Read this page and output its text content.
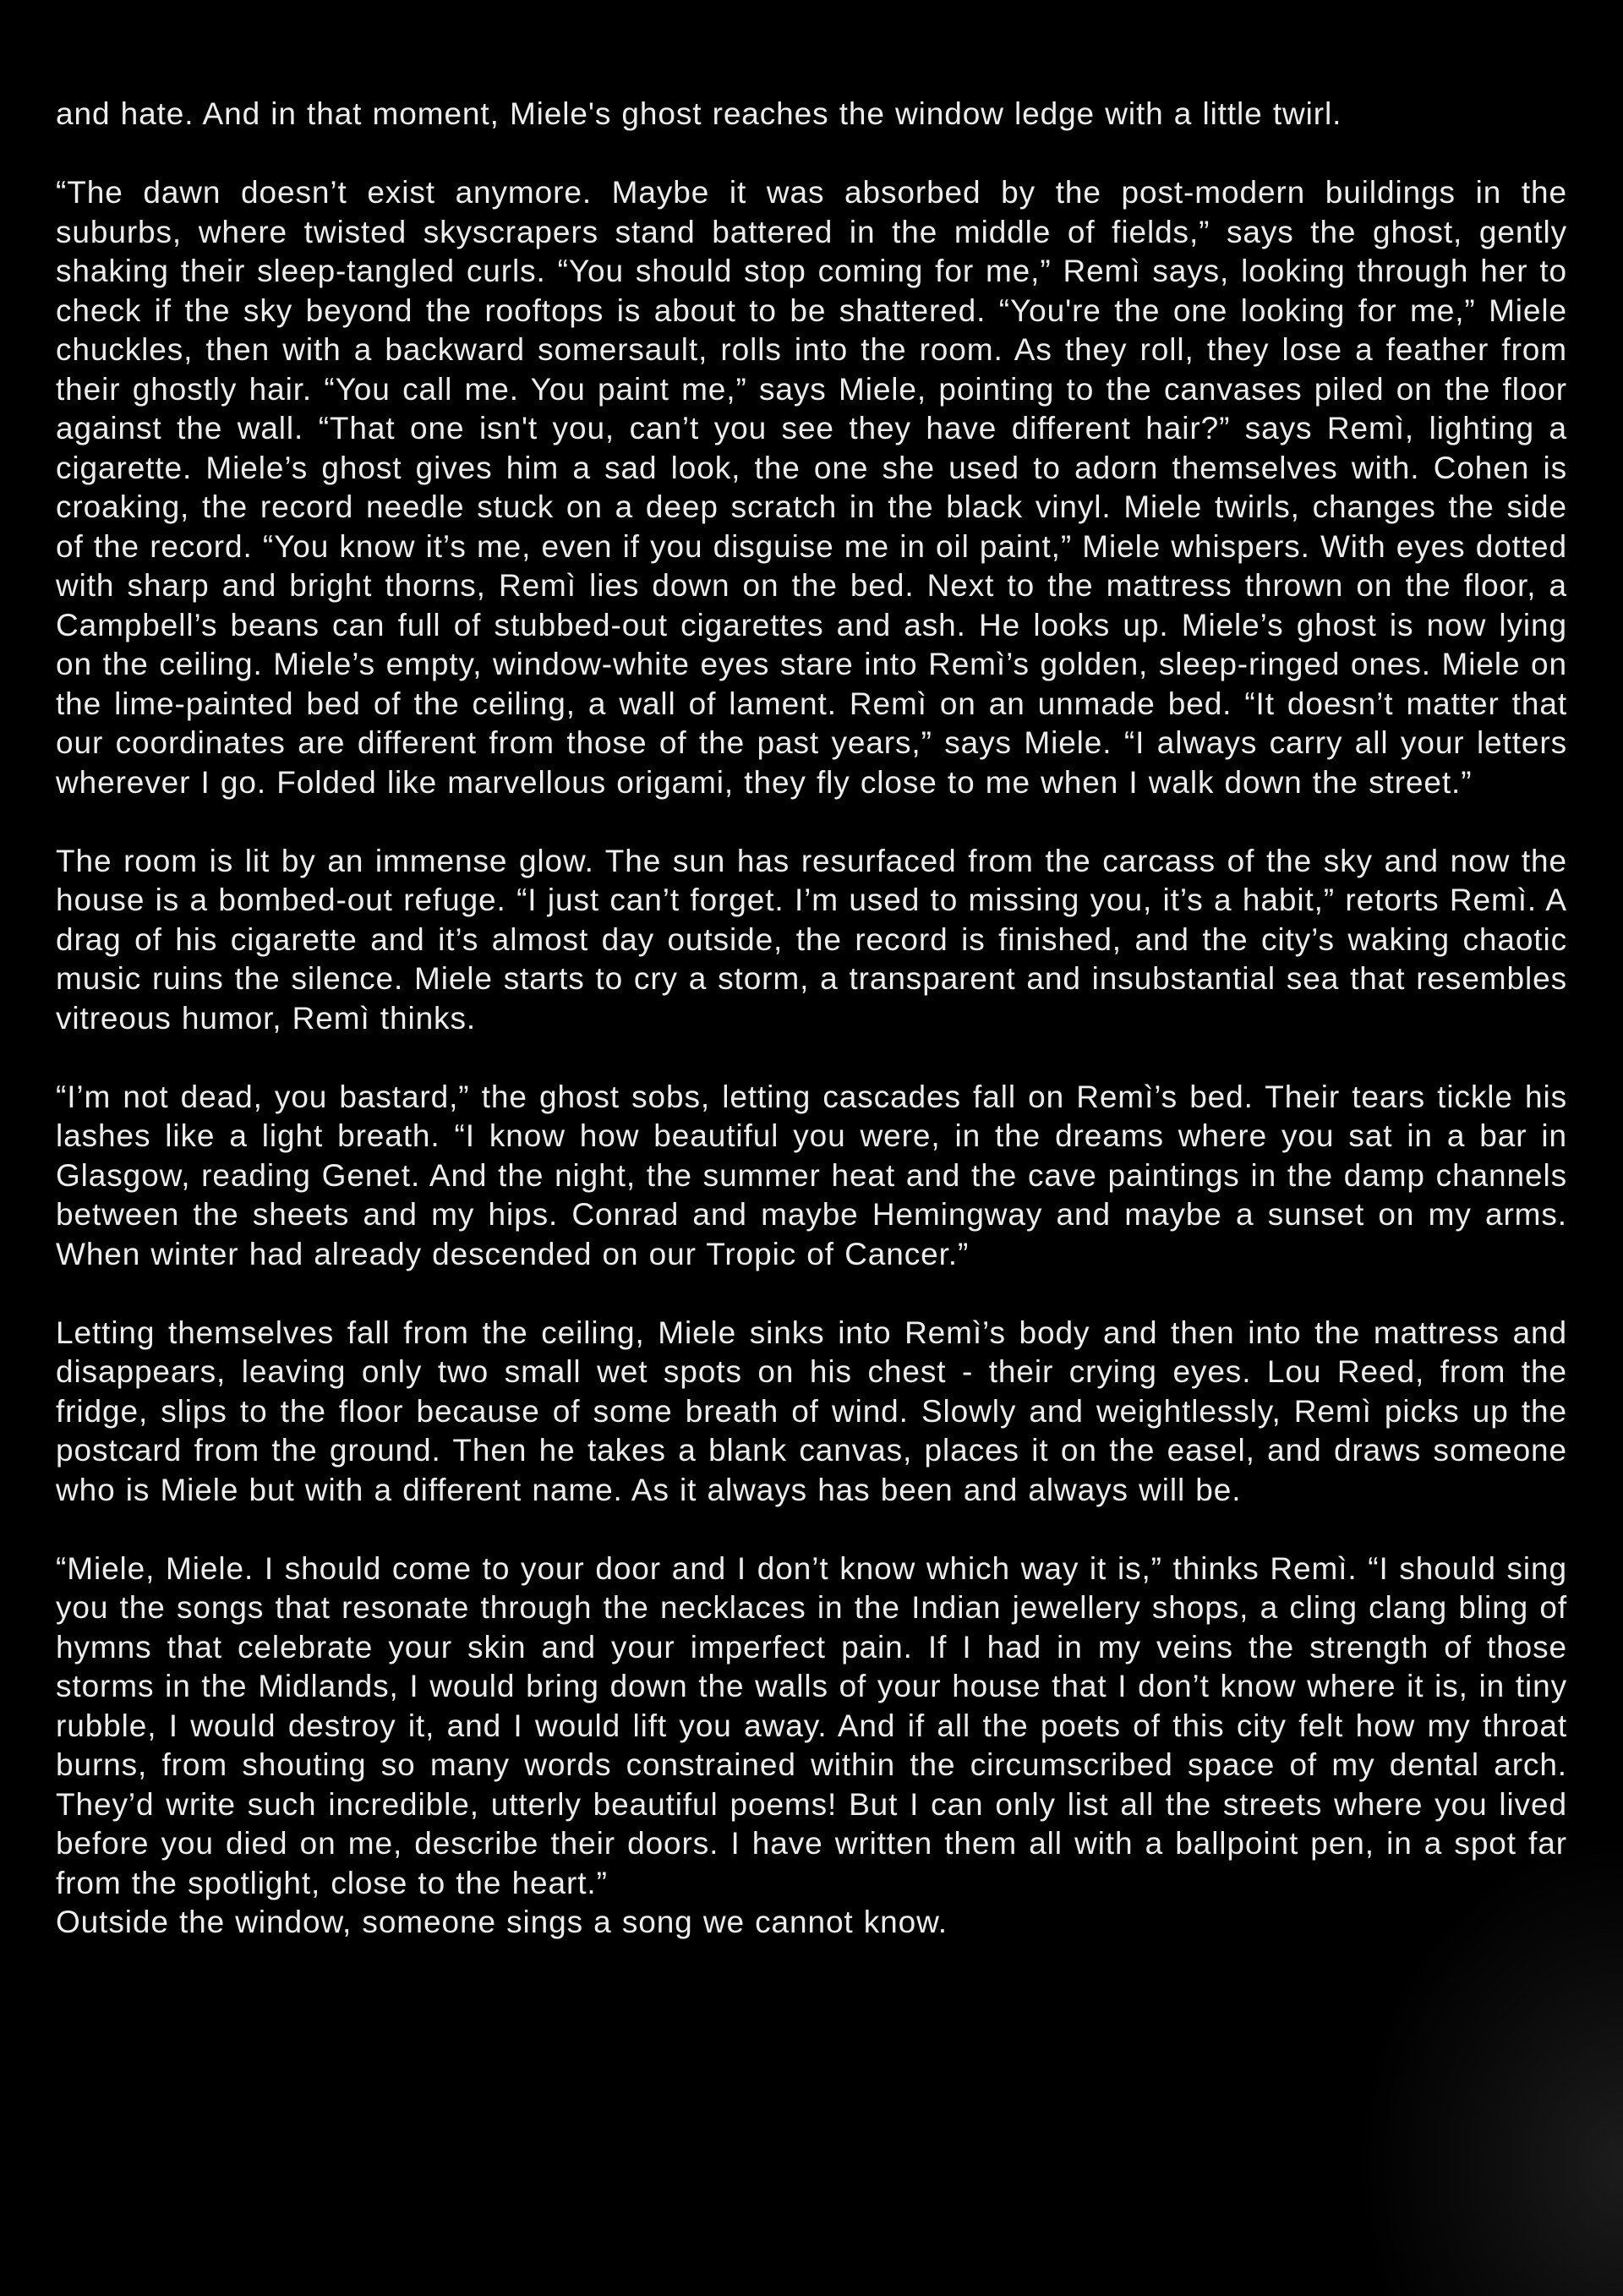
and hate. And in that moment, Miele's ghost reaches the window ledge with a little twirl.

“The dawn doesn’t exist anymore. Maybe it was absorbed by the post-modern buildings in the suburbs, where twisted skyscrapers stand battered in the middle of fields,” says the ghost, gently shaking their sleep-tangled curls. “You should stop coming for me,” Remì says, looking through her to check if the sky beyond the rooftops is about to be shattered. “You're the one looking for me,” Miele chuckles, then with a backward somersault, rolls into the room. As they roll, they lose a feather from their ghostly hair. “You call me. You paint me,” says Miele, pointing to the canvases piled on the floor against the wall. “That one isn't you, can’t you see they have different hair?” says Remì, lighting a cigarette. Miele’s ghost gives him a sad look, the one she used to adorn themselves with. Cohen is croaking, the record needle stuck on a deep scratch in the black vinyl. Miele twirls, changes the side of the record. “You know it’s me, even if you disguise me in oil paint,” Miele whispers. With eyes dotted with sharp and bright thorns, Remì lies down on the bed. Next to the mattress thrown on the floor, a Campbell’s beans can full of stubbed-out cigarettes and ash. He looks up. Miele’s ghost is now lying on the ceiling. Miele’s empty, window-white eyes stare into Remì’s golden, sleep-ringed ones. Miele on the lime-painted bed of the ceiling, a wall of lament. Remì on an unmade bed. “It doesn’t matter that our coordinates are different from those of the past years,” says Miele. “I always carry all your letters wherever I go. Folded like marvellous origami, they fly close to me when I walk down the street.”

The room is lit by an immense glow. The sun has resurfaced from the carcass of the sky and now the house is a bombed-out refuge. “I just can’t forget. I’m used to missing you, it’s a habit,” retorts Remì. A drag of his cigarette and it’s almost day outside, the record is finished, and the city’s waking chaotic music ruins the silence. Miele starts to cry a storm, a transparent and insubstantial sea that resembles vitreous humor, Remì thinks.

“I’m not dead, you bastard,” the ghost sobs, letting cascades fall on Remì’s bed. Their tears tickle his lashes like a light breath. “I know how beautiful you were, in the dreams where you sat in a bar in Glasgow, reading Genet. And the night, the summer heat and the cave paintings in the damp channels between the sheets and my hips. Conrad and maybe Hemingway and maybe a sunset on my arms. When winter had already descended on our Tropic of Cancer.”

Letting themselves fall from the ceiling, Miele sinks into Remì’s body and then into the mattress and disappears, leaving only two small wet spots on his chest - their crying eyes. Lou Reed, from the fridge, slips to the floor because of some breath of wind. Slowly and weightlessly, Remì picks up the postcard from the ground. Then he takes a blank canvas, places it on the easel, and draws someone who is Miele but with a different name. As it always has been and always will be.

“Miele, Miele. I should come to your door and I don’t know which way it is,” thinks Remì. “I should sing you the songs that resonate through the necklaces in the Indian jewellery shops, a cling clang bling of hymns that celebrate your skin and your imperfect pain. If I had in my veins the strength of those storms in the Midlands, I would bring down the walls of your house that I don’t know where it is, in tiny rubble, I would destroy it, and I would lift you away. And if all the poets of this city felt how my throat burns, from shouting so many words constrained within the circumscribed space of my dental arch. They’d write such incredible, utterly beautiful poems! But I can only list all the streets where you lived before you died on me, describe their doors. I have written them all with a ballpoint pen, in a spot far from the spotlight, close to the heart.”

Outside the window, someone sings a song we cannot know.
